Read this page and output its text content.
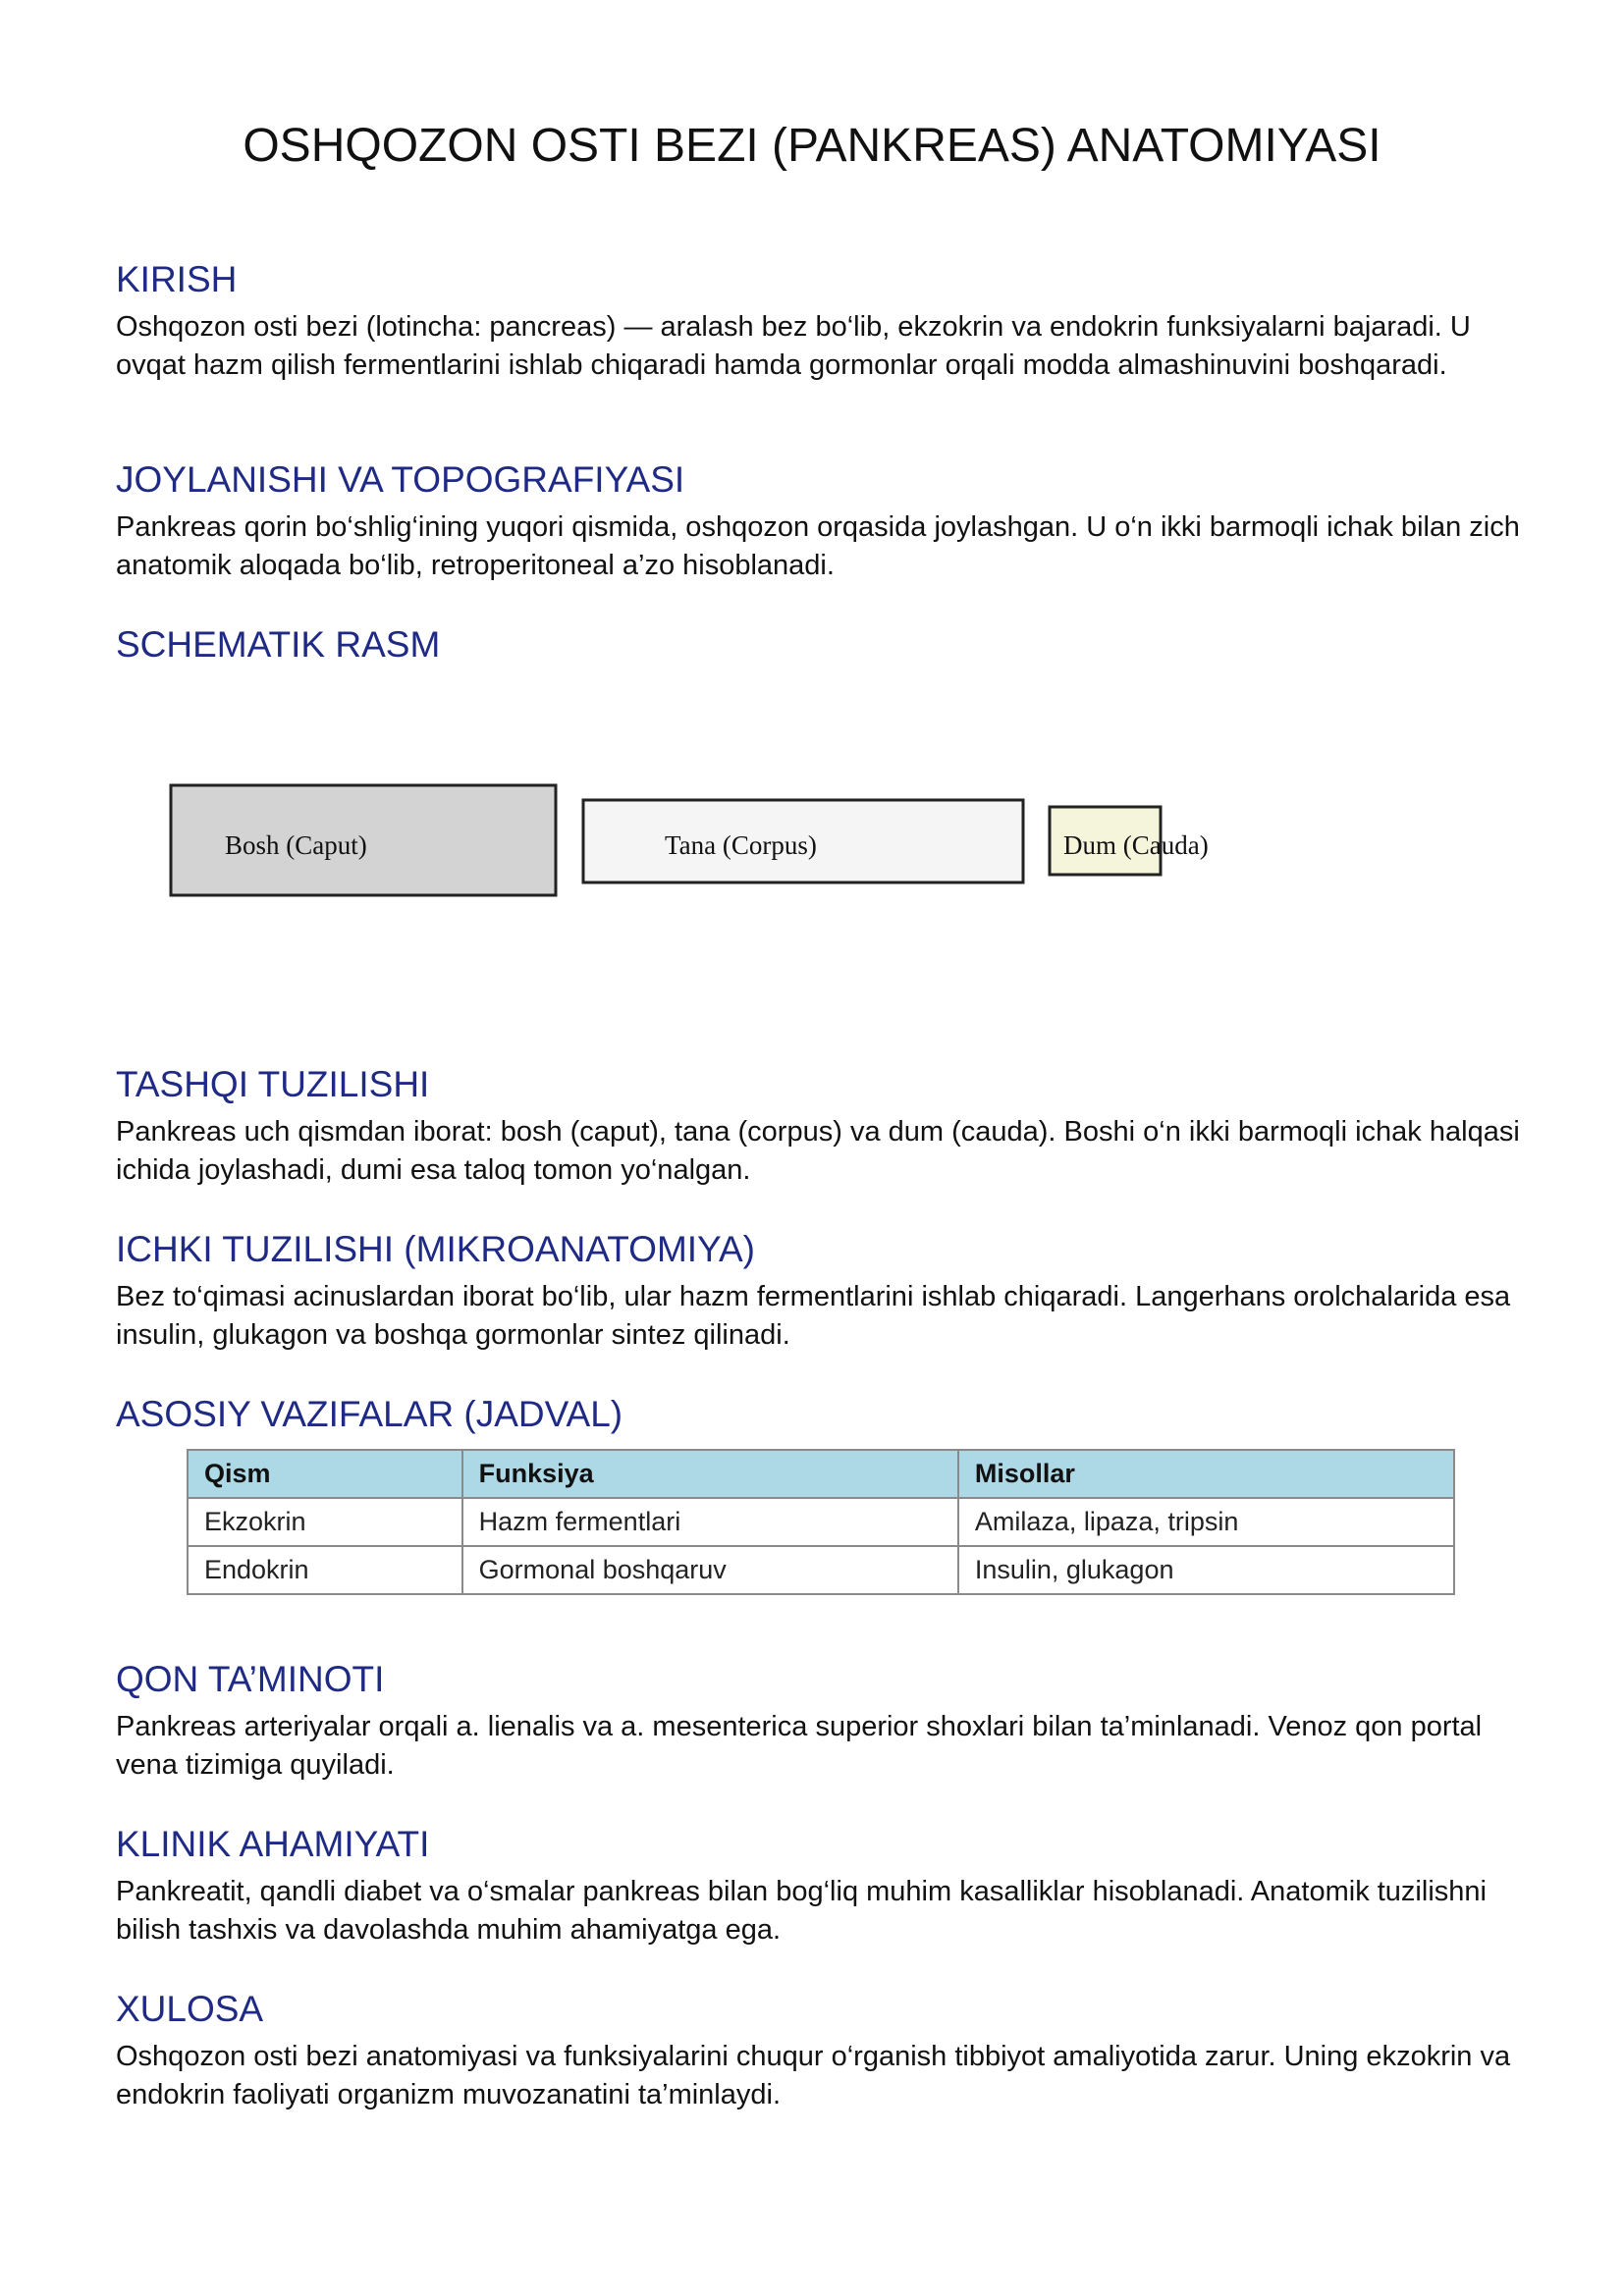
OSHQOZON OSTI BEZI (PANKREAS) ANATOMIYASI
KIRISH

Oshqozon osti bezi (lotincha: pancreas) — aralash bez bo‘lib, ekzokrin va endokrin funksiyalarni bajaradi. U ovqat hazm qilish fermentlarini ishlab chiqaradi hamda gormonlar orqali modda almashinuvini boshqaradi.

JOYLANISHI VA TOPOGRAFIYASI

Pankreas qorin bo‘shlig‘ining yuqori qismida, oshqozon orqasida joylashgan. U o‘n ikki barmoqli ichak bilan zich anatomik aloqada bo‘lib, retroperitoneal a’zo hisoblanadi.

SCHEMATIK RASM
Bosh (Caput)	Tana (Corpus)	Dum (Cauda)
TASHQI TUZILISHI

Pankreas uch qismdan iborat: bosh (caput), tana (corpus) va dum (cauda). Boshi o‘n ikki barmoqli ichak halqasi ichida joylashadi, dumi esa taloq tomon yo‘nalgan.

ICHKI TUZILISHI (MIKROANATOMIYA)

Bez to‘qimasi acinuslardan iborat bo‘lib, ular hazm fermentlarini ishlab chiqaradi. Langerhans orolchalarida esa insulin, glukagon va boshqa gormonlar sintez qilinadi.

ASOSIY VAZIFALAR (JADVAL)
Qism	Funksiya	Misollar
Ekzokrin	Hazm fermentlari	Amilaza, lipaza, tripsin
Endokrin	Gormonal boshqaruv	Insulin, glukagon
QON TA’MINOTI

Pankreas arteriyalar orqali a. lienalis va a. mesenterica superior shoxlari bilan ta’minlanadi. Venoz qon portal vena tizimiga quyiladi.

KLINIK AHAMIYATI

Pankreatit, qandli diabet va o‘smalar pankreas bilan bog‘liq muhim kasalliklar hisoblanadi. Anatomik tuzilishni bilish tashxis va davolashda muhim ahamiyatga ega.

XULOSA

Oshqozon osti bezi anatomiyasi va funksiyalarini chuqur o‘rganish tibbiyot amaliyotida zarur. Uning ekzokrin va endokrin faoliyati organizm muvozanatini ta’minlaydi.
